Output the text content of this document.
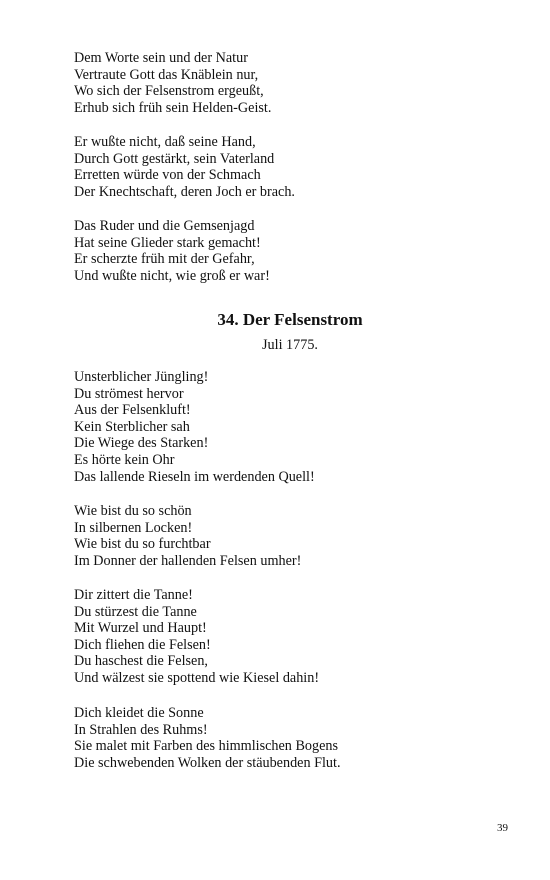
Dem Worte sein und der Natur
Vertraute Gott das Knäblein nur,
Wo sich der Felsenstrom ergeußt,
Erhub sich früh sein Helden-Geist.
Er wußte nicht, daß seine Hand,
Durch Gott gestärkt, sein Vaterland
Erretten würde von der Schmach
Der Knechtschaft, deren Joch er brach.
Das Ruder und die Gemsenjagd
Hat seine Glieder stark gemacht!
Er scherzte früh mit der Gefahr,
Und wußte nicht, wie groß er war!
34. Der Felsenstrom
Juli 1775.
Unsterblicher Jüngling!
Du strömest hervor
Aus der Felsenkluft!
Kein Sterblicher sah
Die Wiege des Starken!
Es hörte kein Ohr
Das lallende Rieseln im werdenden Quell!
Wie bist du so schön
In silbernen Locken!
Wie bist du so furchtbar
Im Donner der hallenden Felsen umher!
Dir zittert die Tanne!
Du stürzest die Tanne
Mit Wurzel und Haupt!
Dich fliehen die Felsen!
Du haschest die Felsen,
Und wälzest sie spottend wie Kiesel dahin!
Dich kleidet die Sonne
In Strahlen des Ruhms!
Sie malet mit Farben des himmlischen Bogens
Die schwebenden Wolken der stäubenden Flut.
39
